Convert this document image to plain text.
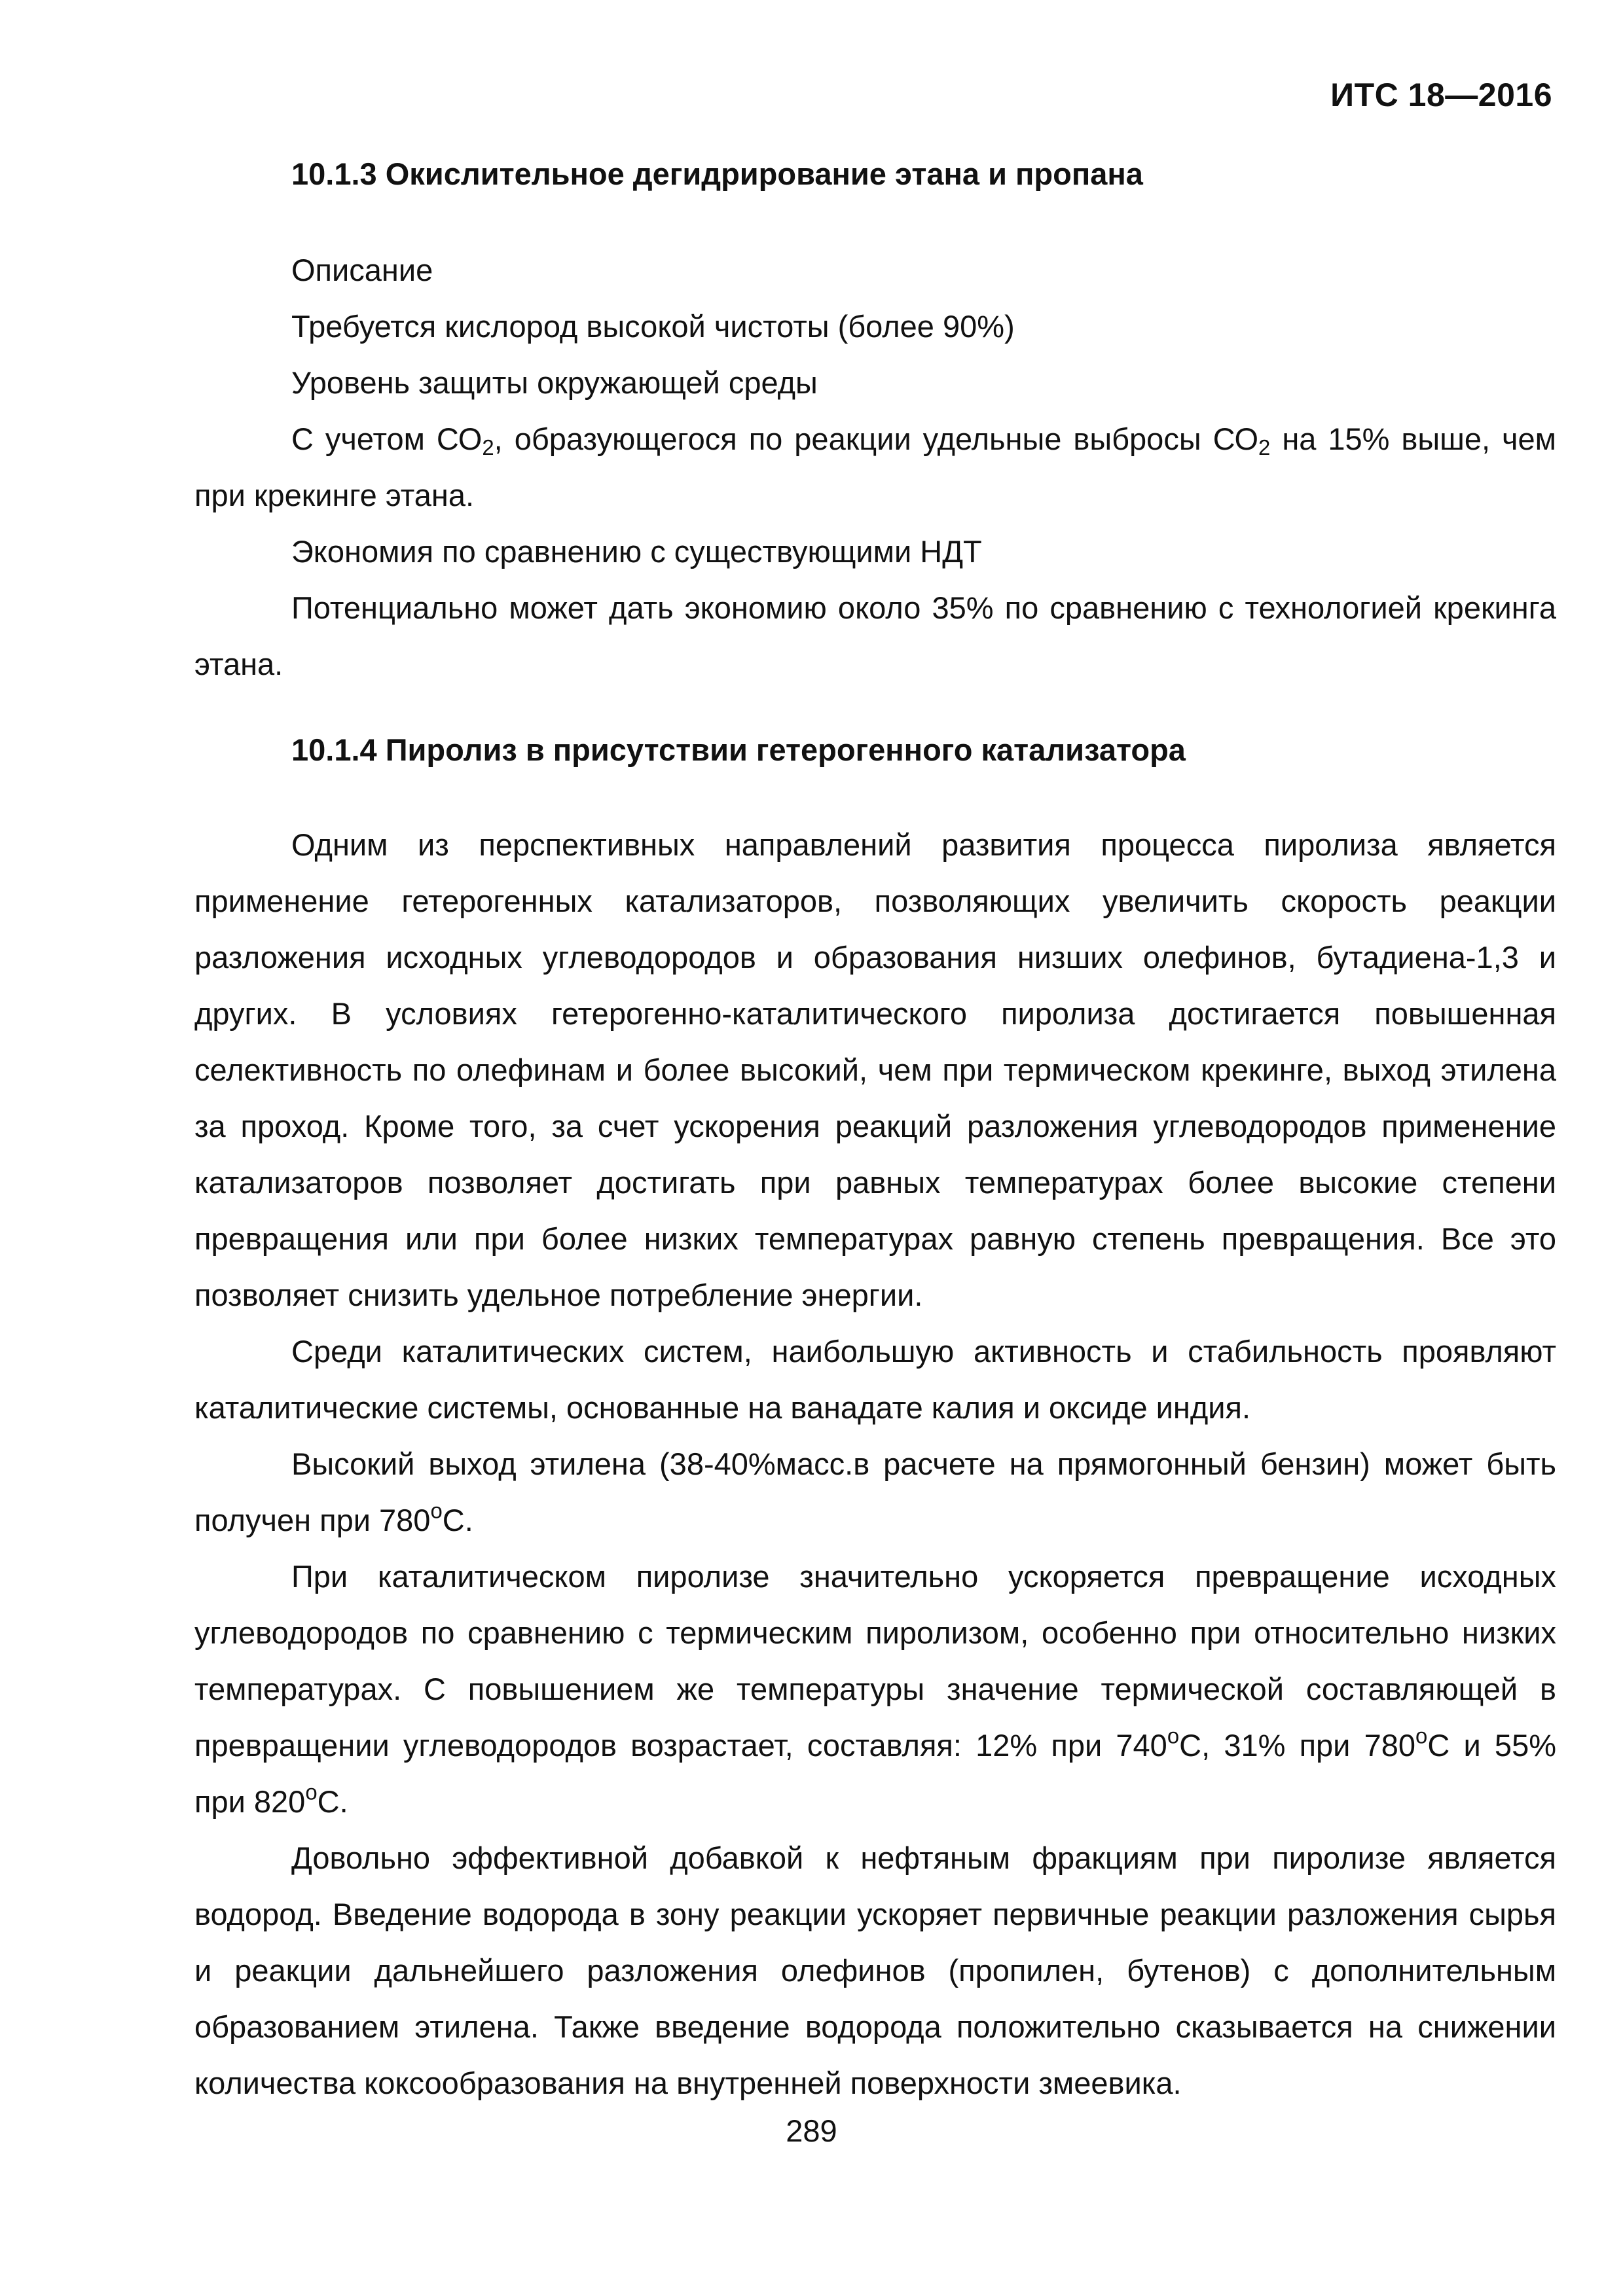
ИТС 18—2016

10.1.3 Окислительное дегидрирование этана и пропана

Описание

Требуется кислород высокой чистоты (более 90%)

Уровень защиты окружающей среды

С учетом $СО_2$, образующегося по реакции удельные выбросы $СО_2$ на 15% выше, чем при крекинге этана.

Экономия по сравнению с существующими НДТ

Потенциально может дать экономию около 35% по сравнению с технологией крекинга этана.

10.1.4 Пиролиз в присутствии гетерогенного катализатора

Одним из перспективных направлений развития процесса пиролиза является применение гетерогенных катализаторов, позволяющих увеличить скорость реакции разложения исходных углеводородов и образования низших олефинов, бутадиена-1,3 и других. В условиях гетерогенно-каталитического пиролиза достигается повышенная селективность по олефинам и более высокий, чем при термическом крекинге, выход этилена за проход. Кроме того, за счет ускорения реакций разложения углеводородов применение катализаторов позволяет достигать при равных температурах более высокие степени превращения или при более низких температурах равную степень превращения. Все это позволяет снизить удельное потребление энергии.

Среди каталитических систем, наибольшую активность и стабильность проявляют каталитические системы, основанные на ванадате калия и оксиде индия.

Высокий выход этилена (38-40%масс.в расчете на прямогонный бензин) может быть получен при $780^оС$.

При каталитическом пиролизе значительно ускоряется превращение исходных углеводородов по сравнению с термическим пиролизом, особенно при относительно низких температурах. С повышением же температуры значение термической составляющей в превращении углеводородов возрастает, составляя: 12% при $740^оС$, 31% при $780^оС$ и 55% при $820^оС$.

Довольно эффективной добавкой к нефтяным фракциям при пиролизе является водород. Введение водорода в зону реакции ускоряет первичные реакции разложения сырья и реакции дальнейшего разложения олефинов (пропилен, бутенов) с дополнительным образованием этилена. Также введение водорода положительно сказывается на снижении количества коксообразования на внутренней поверхности змеевика.

289
